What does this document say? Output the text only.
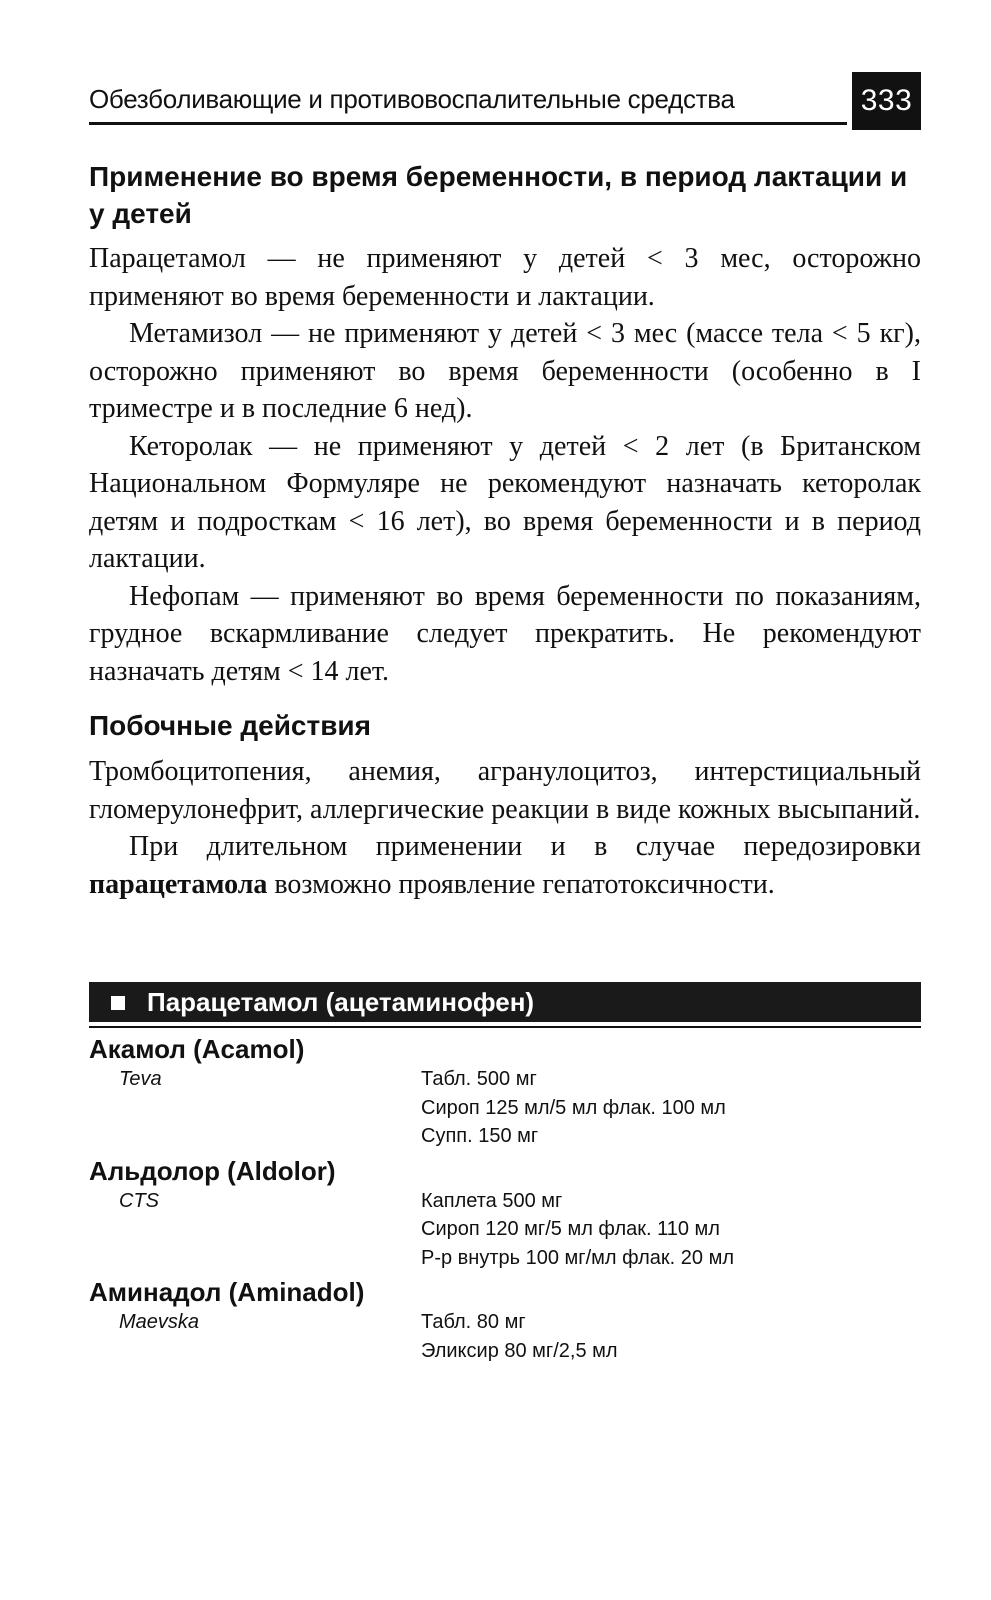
Обезболивающие и противовоспалительные средства	333
Применение во время беременности, в период лактации и у детей

Парацетамол — не применяют у детей < 3 мес, осторожно применяют во время беременности и лактации.

Метамизол — не применяют у детей < 3 мес (массе тела < 5 кг), осторожно применяют во время беременности (особенно в I триместре и в последние 6 нед).

Кеторолак — не применяют у детей < 2 лет (в Британском Национальном Формуляре не рекомендуют назначать кеторолак детям и подросткам < 16 лет), во время беременности и в период лактации.

Нефопам — применяют во время беременности по показаниям, грудное вскармливание следует прекратить. Не рекомендуют назначать детям < 14 лет.

Побочные действия

Тромбоцитопения, анемия, агранулоцитоз, интерстициальный гломерулонефрит, аллергические реакции в виде кожных высыпаний.

При длительном применении и в случае передозировки парацетамола возможно проявление гепатотоксичности.

Парацетамол (ацетаминофен)
Акамол (Acamol)
Teva	Табл. 500 мг
Сироп 125 мл/5 мл флак. 100 мл
Супп. 150 мг
Альдолор (Aldolor)
CTS	Каплета 500 мг
Сироп 120 мг/5 мл флак. 110 мл
Р-р внутрь 100 мг/мл флак. 20 мл
Аминадол (Aminadol)
Maevska	Табл. 80 мг
Эликсир 80 мг/2,5 мл
